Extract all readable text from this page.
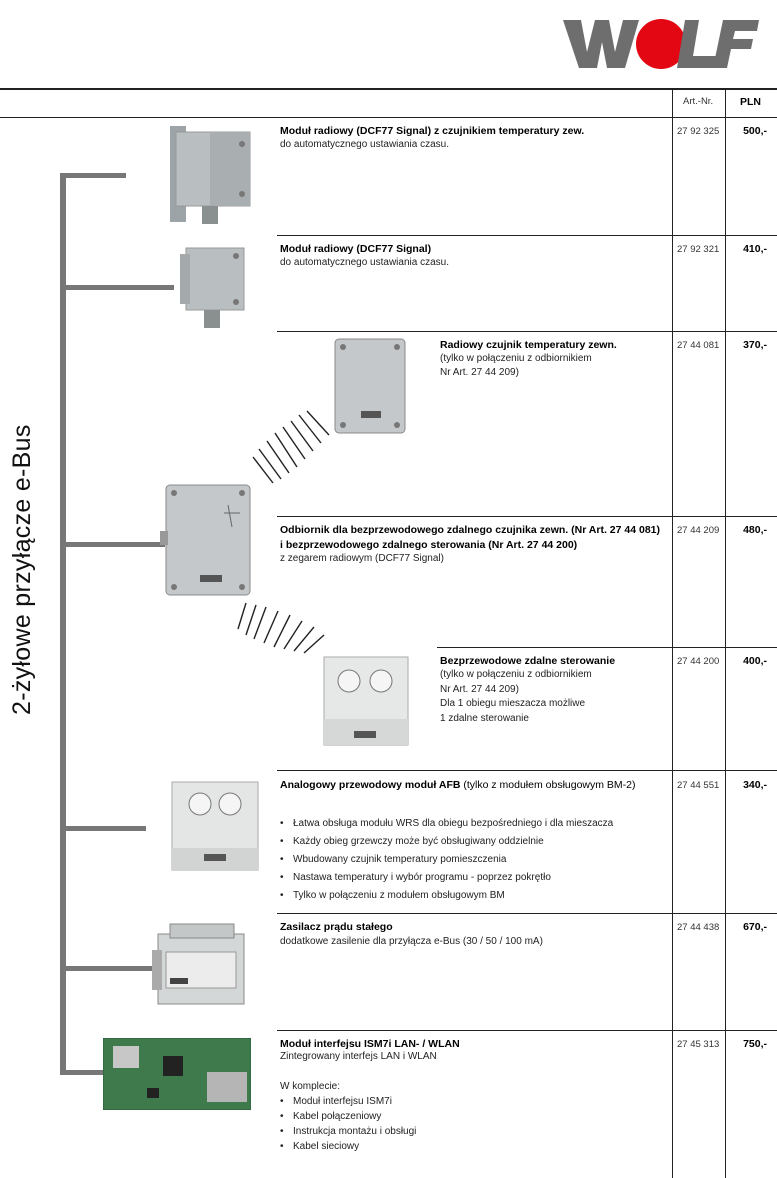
Art.-Nr.	PLN
2-żyłowe przyłącze e-Bus
Moduł radiowy (DCF77 Signal) z czujnikiem temperatury zew.
do automatycznego ustawiania czasu.
27 92 325 500,-
Moduł radiowy (DCF77 Signal)
do automatycznego ustawiania czasu.
27 92 321 410,-
Radiowy czujnik temperatury zewn.
(tylko w połączeniu z odbiornikiem
Nr Art. 27 44 209)
27 44 081 370,-
Odbiornik dla bezprzewodowego zdalnego czujnika zewn. (Nr Art. 27 44 081)
i bezprzewodowego zdalnego sterowania (Nr Art. 27 44 200)
z zegarem radiowym (DCF77 Signal)
27 44 209 480,-
Bezprzewodowe zdalne sterowanie
(tylko w połączeniu z odbiornikiem
Nr Art. 27 44 209)
Dla 1 obiegu mieszacza możliwe
1 zdalne sterowanie
27 44 200 400,-
Analogowy przewodowy moduł AFB (tylko z modułem obsługowym BM-2)
• Łatwa obsługa modułu WRS dla obiegu bezpośredniego i dla mieszacza
• Każdy obieg grzewczy może być obsługiwany oddzielnie
• Wbudowany czujnik temperatury pomieszczenia
• Nastawa temperatury i wybór programu - poprzez pokrętło
• Tylko w połączeniu z modułem obsługowym BM
27 44 551 340,-
Zasilacz prądu stałego
dodatkowe zasilenie dla przyłącza e-Bus (30 / 50 / 100 mA)
27 44 438 670,-
Moduł interfejsu ISM7i LAN- / WLAN
Zintegrowany interfejs LAN i WLAN
W komplecie:
• Moduł interfejsu ISM7i
• Kabel połączeniowy
• Instrukcja montażu i obsługi
• Kabel sieciowy
27 45 313 750,-
